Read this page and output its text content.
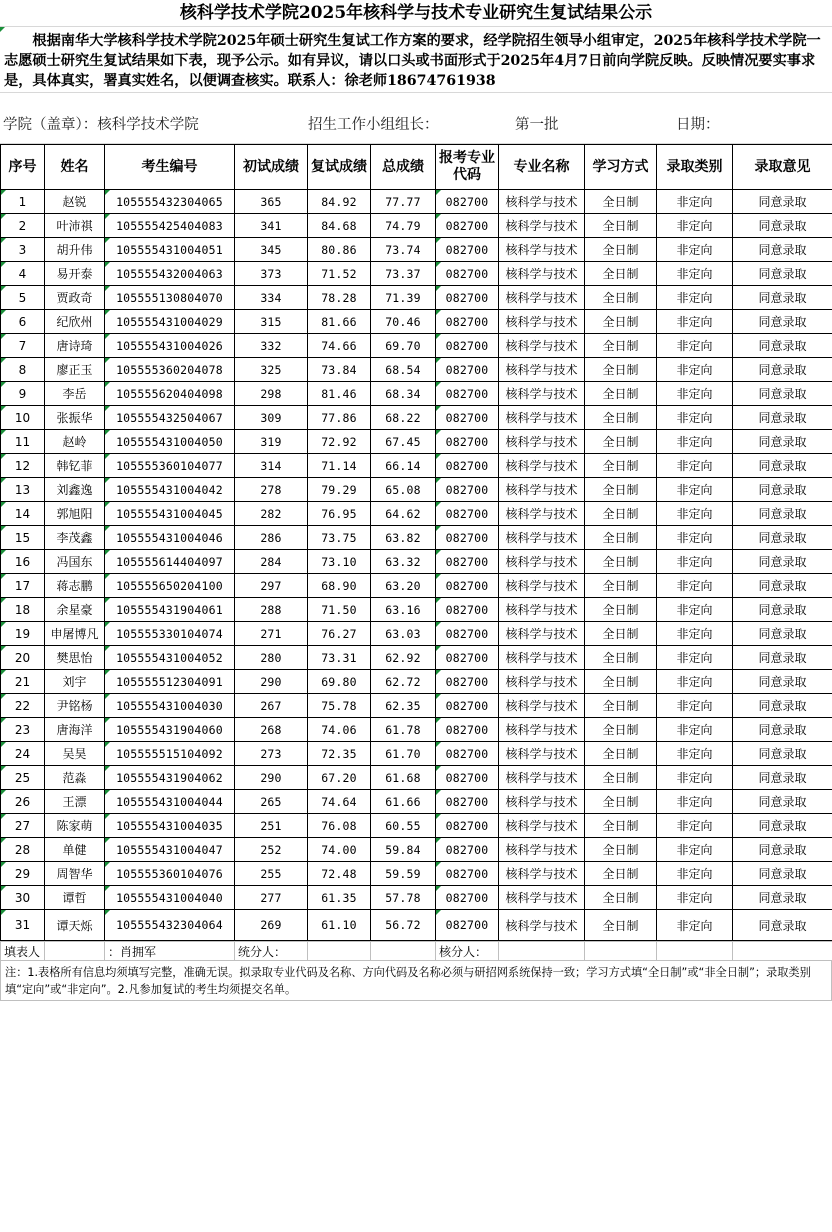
核科学技术学院2025年核科学与技术专业研究生复试结果公示
根据南华大学核科学技术学院2025年硕士研究生复试工作方案的要求，经学院招生领导小组审定，2025年核科学技术学院一志愿硕士研究生复试结果如下表，现予公示。如有异议，请以口头或书面形式于2025年4月7日前向学院反映。反映情况要实事求是，具体真实，署真实姓名，以便调查核实。联系人：徐老师18674761938
学院（盖章）：核科学技术学院	招生工作小组组长：	第一批	日期：
序号	姓名	考生编号	初试成绩	复试成绩	总成绩	报考专业代码	专业名称	学习方式	录取类别	录取意见
1	赵锐	105555432304065	365	84.92	77.77	082700	核科学与技术	全日制	非定向	同意录取
2	叶沛祺	105555425404083	341	84.68	74.79	082700	核科学与技术	全日制	非定向	同意录取
3	胡升伟	105555431004051	345	80.86	73.74	082700	核科学与技术	全日制	非定向	同意录取
4	易开泰	105555432004063	373	71.52	73.37	082700	核科学与技术	全日制	非定向	同意录取
5	贾政奇	105555130804070	334	78.28	71.39	082700	核科学与技术	全日制	非定向	同意录取
6	纪欣州	105555431004029	315	81.66	70.46	082700	核科学与技术	全日制	非定向	同意录取
7	唐诗琦	105555431004026	332	74.66	69.70	082700	核科学与技术	全日制	非定向	同意录取
8	廖正玉	105555360204078	325	73.84	68.54	082700	核科学与技术	全日制	非定向	同意录取
9	李岳	105555620404098	298	81.46	68.34	082700	核科学与技术	全日制	非定向	同意录取
10	张振华	105555432504067	309	77.86	68.22	082700	核科学与技术	全日制	非定向	同意录取
11	赵岭	105555431004050	319	72.92	67.45	082700	核科学与技术	全日制	非定向	同意录取
12	韩钇菲	105555360104077	314	71.14	66.14	082700	核科学与技术	全日制	非定向	同意录取
13	刘鑫逸	105555431004042	278	79.29	65.08	082700	核科学与技术	全日制	非定向	同意录取
14	郭旭阳	105555431004045	282	76.95	64.62	082700	核科学与技术	全日制	非定向	同意录取
15	李茂鑫	105555431004046	286	73.75	63.82	082700	核科学与技术	全日制	非定向	同意录取
16	冯国东	105555614404097	284	73.10	63.32	082700	核科学与技术	全日制	非定向	同意录取
17	蒋志鹏	105555650204100	297	68.90	63.20	082700	核科学与技术	全日制	非定向	同意录取
18	余星豪	105555431904061	288	71.50	63.16	082700	核科学与技术	全日制	非定向	同意录取
19	申屠博凡	105555330104074	271	76.27	63.03	082700	核科学与技术	全日制	非定向	同意录取
20	樊思怡	105555431004052	280	73.31	62.92	082700	核科学与技术	全日制	非定向	同意录取
21	刘宇	105555512304091	290	69.80	62.72	082700	核科学与技术	全日制	非定向	同意录取
22	尹铭杨	105555431004030	267	75.78	62.35	082700	核科学与技术	全日制	非定向	同意录取
23	唐海洋	105555431904060	268	74.06	61.78	082700	核科学与技术	全日制	非定向	同意录取
24	吴昊	105555515104092	273	72.35	61.70	082700	核科学与技术	全日制	非定向	同意录取
25	范淼	105555431904062	290	67.20	61.68	082700	核科学与技术	全日制	非定向	同意录取
26	王漂	105555431004044	265	74.64	61.66	082700	核科学与技术	全日制	非定向	同意录取
27	陈家萌	105555431004035	251	76.08	60.55	082700	核科学与技术	全日制	非定向	同意录取
28	单健	105555431004047	252	74.00	59.84	082700	核科学与技术	全日制	非定向	同意录取
29	周智华	105555360104076	255	72.48	59.59	082700	核科学与技术	全日制	非定向	同意录取
30	谭哲	105555431004040	277	61.35	57.78	082700	核科学与技术	全日制	非定向	同意录取
31	谭天烁	105555432304064	269	61.10	56.72	082700	核科学与技术	全日制	非定向	同意录取
填表人		：肖拥军	统分人：			核分人：				
注：1.表格所有信息均须填写完整，准确无误。拟录取专业代码及名称、方向代码及名称必须与研招网系统保持一致；学习方式填“全日制”或“非全日制”；录取类别填“定向”或“非定向”。2.凡参加复试的考生均须提交名单。
